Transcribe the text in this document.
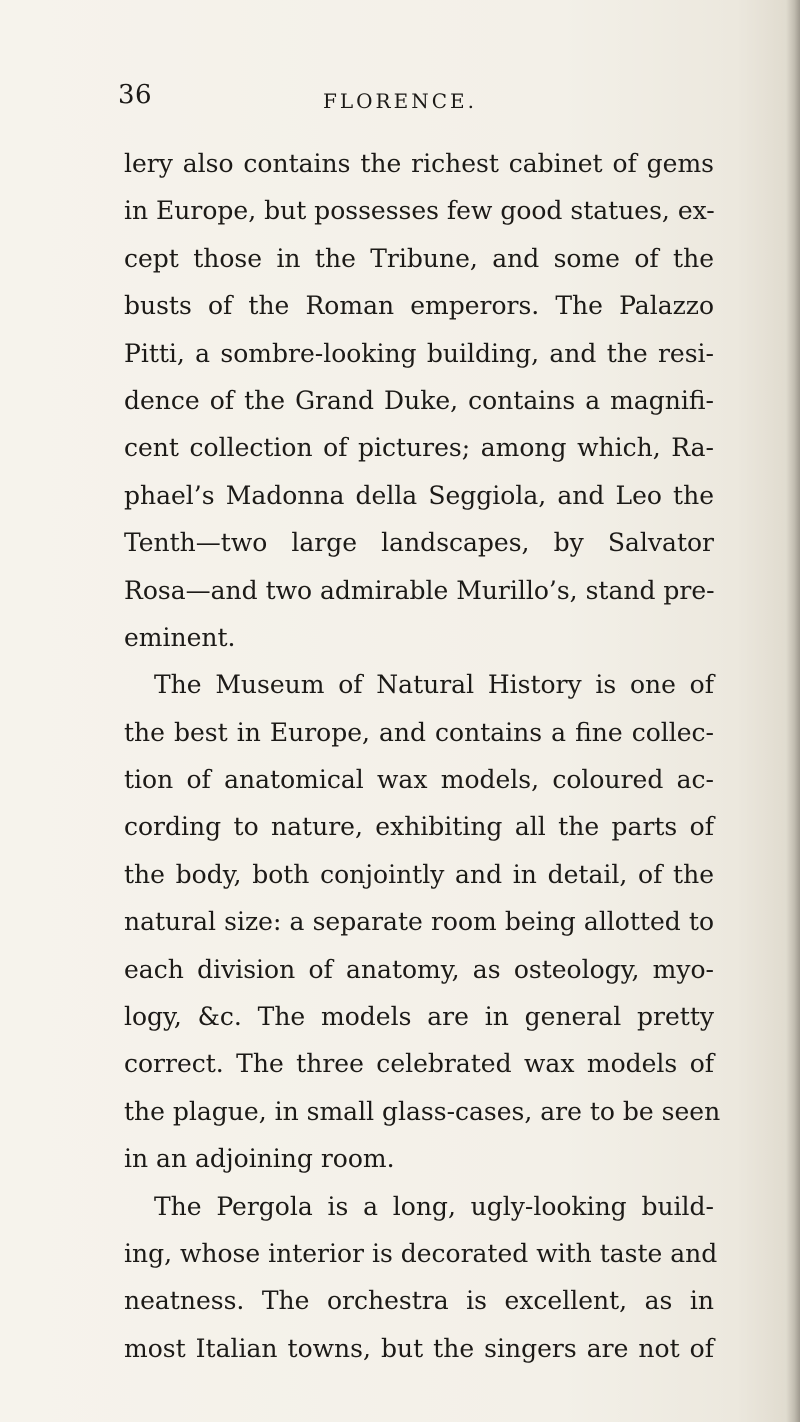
36	FLORENCE.
lery also contains the richest cabinet of gems
in Europe, but possesses few good statues, ex-
cept those in the Tribune, and some of the
busts of the Roman emperors. The Palazzo
Pitti, a sombre-looking building, and the resi-
dence of the Grand Duke, contains a magnifi-
cent collection of pictures; among which, Ra-
phael’s Madonna della Seggiola, and Leo the
Tenth—two large landscapes, by Salvator
Rosa—and two admirable Murillo’s, stand pre-
eminent.
The Museum of Natural History is one of
the best in Europe, and contains a fine collec-
tion of anatomical wax models, coloured ac-
cording to nature, exhibiting all the parts of
the body, both conjointly and in detail, of the
natural size: a separate room being allotted to
each division of anatomy, as osteology, myo-
logy, &c. The models are in general pretty
correct. The three celebrated wax models of
the plague, in small glass-cases, are to be seen
in an adjoining room.
The Pergola is a long, ugly-looking build-
ing, whose interior is decorated with taste and
neatness. The orchestra is excellent, as in
most Italian towns, but the singers are not of
